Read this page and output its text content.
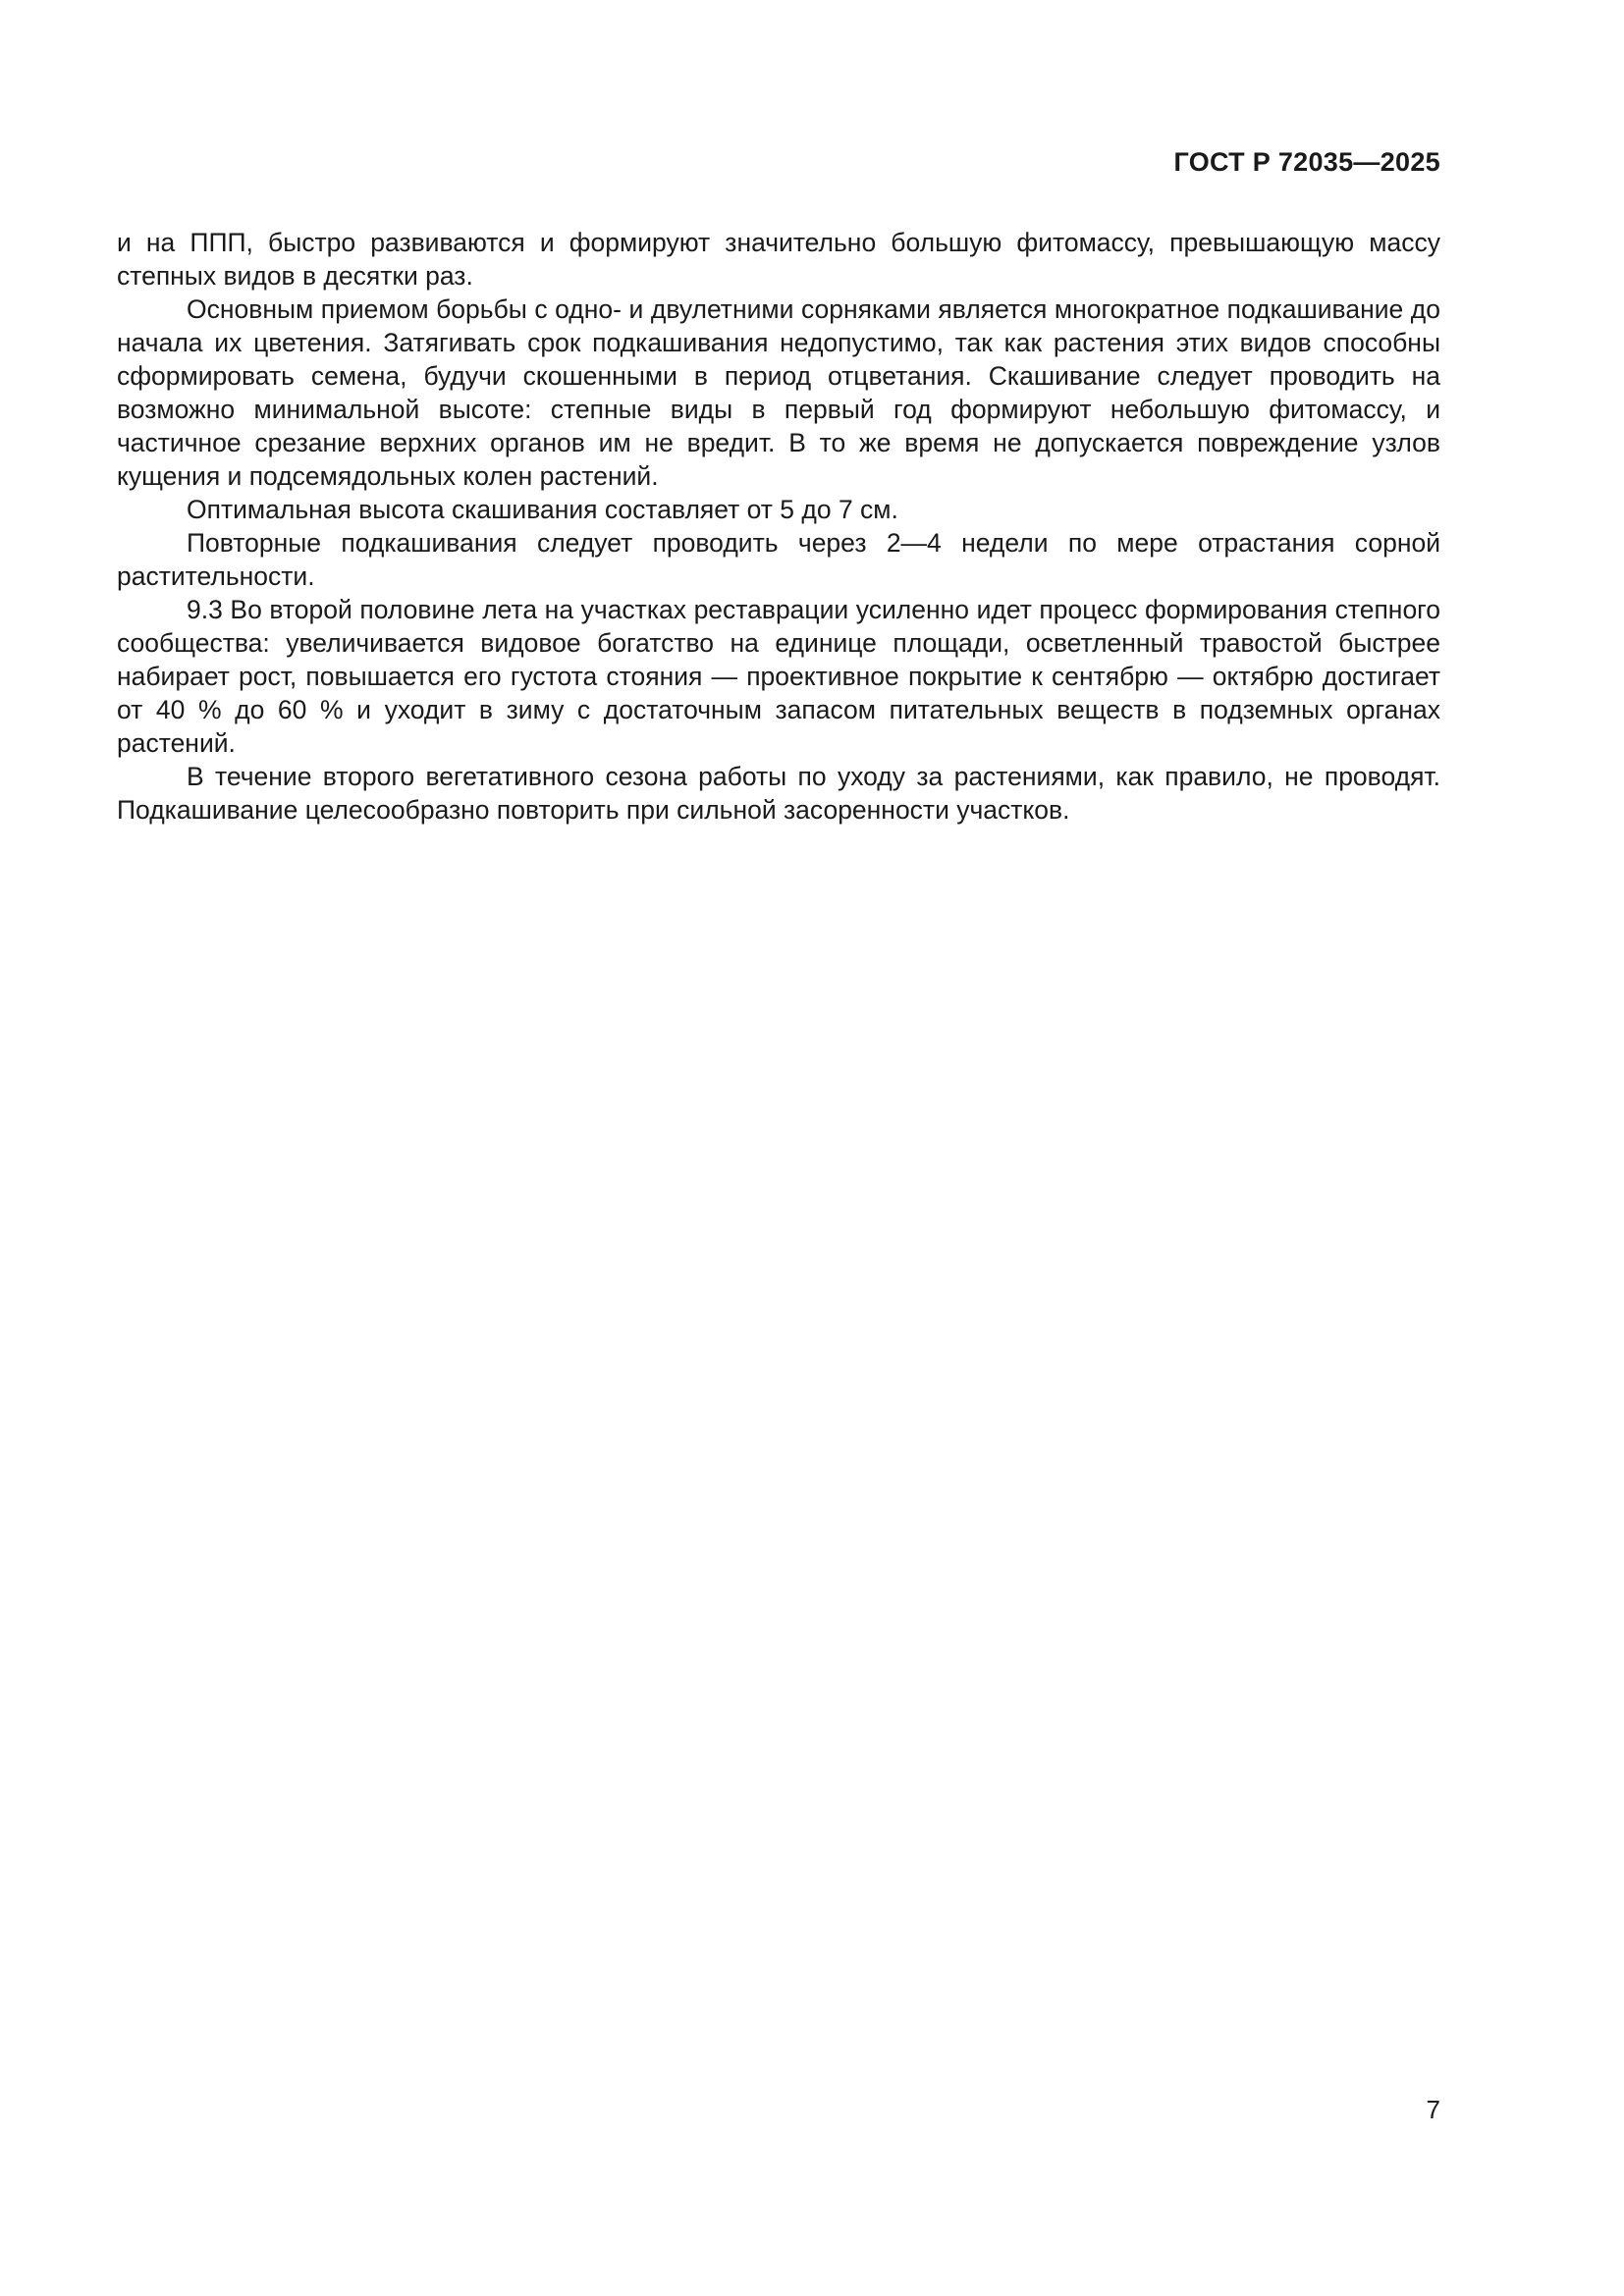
ГОСТ Р 72035—2025

и на ППП, быстро развиваются и формируют значительно большую фитомассу, превышающую массу степных видов в десятки раз.

Основным приемом борьбы с одно- и двулетними сорняками является многократное подкашивание до начала их цветения. Затягивать срок подкашивания недопустимо, так как растения этих видов способны сформировать семена, будучи скошенными в период отцветания. Скашивание следует проводить на возможно минимальной высоте: степные виды в первый год формируют небольшую фитомассу, и частичное срезание верхних органов им не вредит. В то же время не допускается повреждение узлов кущения и подсемядольных колен растений.

Оптимальная высота скашивания составляет от 5 до 7 см.

Повторные подкашивания следует проводить через 2—4 недели по мере отрастания сорной растительности.

9.3 Во второй половине лета на участках реставрации усиленно идет процесс формирования степного сообщества: увеличивается видовое богатство на единице площади, осветленный травостой быстрее набирает рост, повышается его густота стояния — проективное покрытие к сентябрю — октябрю достигает от 40 % до 60 % и уходит в зиму с достаточным запасом питательных веществ в подземных органах растений.

В течение второго вегетативного сезона работы по уходу за растениями, как правило, не проводят. Подкашивание целесообразно повторить при сильной засоренности участков.

7
